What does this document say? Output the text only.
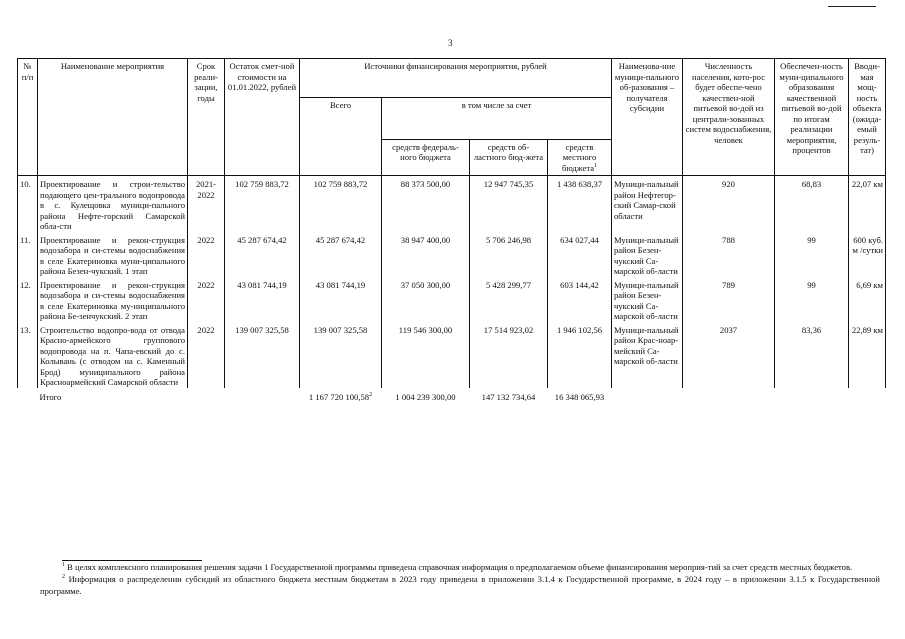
3
№ п/п	Наименование мероприятия	Срок реали-зации, годы	Остаток смет-ной стоимости на 01.01.2022, рублей	Источники финансирования мероприятия, рублей				Наименова-ние муници-пального об-разования – получателя субсидии	Численность населения, кото-рос будет обеспе-чено качествен-ной питьевой во-дой из централи-зованных систем водоснабжения, человек	Обеспечен-ность муни-ципального образования качественной питьевой во-дой по итогам реализации мероприятия, процентов	Вводи-мая мощ-ность объекта (ожида-емый резуль-тат)
				Всего	в том числе за счет						
					средств федераль-ного бюджета	средств об-ластного бюд-жета	средств местного бюджета$^1$
10.	Проектирование и строи-тельство подающего цен-трального водопровода в с. Кулещовка муници-пального района Нефте-горский Самарской обла-сти	2021-2022	102 759 883,72	102 759 883,72	88 373 500,00	12 947 745,35	1 438 638,37	Муници-пальный район Нефтегор-ский Самар-ской области	920	68,83	22,07 км
11.	Проектирование и рекон-струкция водозабора и си-стемы водоснабжения в селе Екатериновка муни-ципального района Безен-чукский. 1 этап	2022	45 287 674,42	45 287 674,42	38 947 400,00	5 706 246,98	634 027,44	Муници-пальный район Безен-чукский Са-марской об-ласти	788	99	600 куб. м /сутки
12.	Проектирование и рекон-струкция водозабора и си-стемы водоснабжения в селе Екатериновка му-ниципального района Бе-зенчукский. 2 этап	2022	43 081 744,19	43 081 744,19	37 050 300,00	5 428 299,77	603 144,42	Муници-пальный район Безен-чукский Са-марской об-ласти	789	99	6,69 км
13.	Строительство водопро-вода от отвода Красно-армейского группового водопровода на п. Чапа-евский до с. Колывань (с отводом на с. Каменный Брод) муниципального района Красноармейский Самарской области	2022	139 007 325,58	139 007 325,58	119 546 300,00	17 514 923,02	1 946 102,56	Муници-пальный район Крас-ноар-мейский Са-марской об-ласти	2037	83,36	22,89 км
	Итого			1 167 720 100,58$^2$	1 004 239 300,00	147 132 734,64	16 348 065,93				

$^1$ В целях комплексного планирования решения задачи 1 Государственной программы приведена справочная информация о предполагаемом объеме финансирования мероприя-тий за счет средств местных бюджетов.

$^2$ Информация о распределении субсидий из областного бюджета местным бюджетам в 2023 году приведена в приложении 3.1.4 к Государственной программе, в 2024 году – в приложении 3.1.5 к Государственной программе.
